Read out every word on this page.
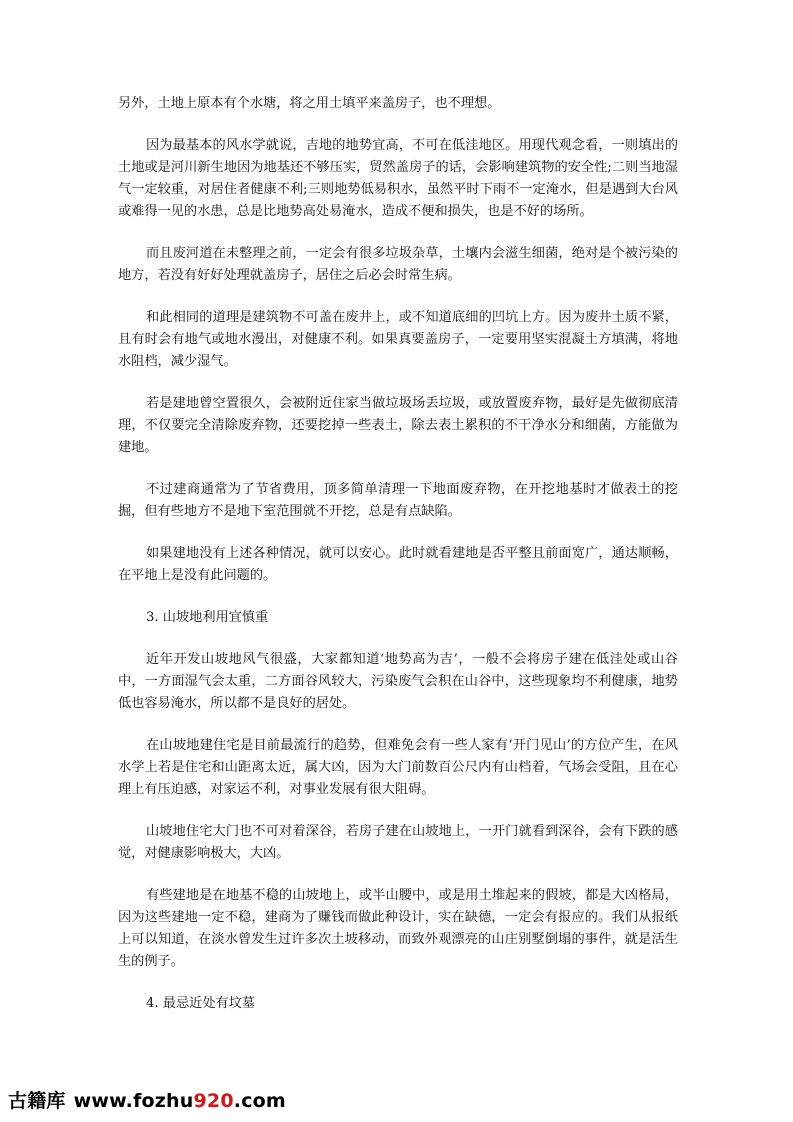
另外，土地上原本有个水塘，将之用土填平来盖房子，也不理想。

因为最基本的风水学就说，吉地的地势宜高，不可在低洼地区。用现代观念看，一则填出的土地或是河川新生地因为地基还不够压实，贸然盖房子的话，会影响建筑物的安全性;二则当地湿气一定较重，对居住者健康不利;三则地势低易积水，虽然平时下雨不一定淹水，但是遇到大台风或难得一见的水患，总是比地势高处易淹水，造成不便和损失，也是不好的场所。

而且废河道在未整理之前，一定会有很多垃圾杂草，土壤内会滋生细菌，绝对是个被污染的地方，若没有好好处理就盖房子，居住之后必会时常生病。

和此相同的道理是建筑物不可盖在废井上，或不知道底细的凹坑上方。因为废井土质不紧，且有时会有地气或地水漫出，对健康不利。如果真要盖房子，一定要用坚实混凝土方填满，将地水阻档，减少湿气。

若是建地曾空置很久，会被附近住家当做垃圾场丢垃圾，或放置废弃物，最好是先做彻底清理，不仅要完全清除废弃物，还要挖掉一些表土，除去表土累积的不干净水分和细菌，方能做为建地。

不过建商通常为了节省费用，顶多简单清理一下地面废弃物，在开挖地基时才做表土的挖掘，但有些地方不是地下室范围就不开挖，总是有点缺陷。

如果建地没有上述各种情况，就可以安心。此时就看建地是否平整且前面宽广，通达顺畅，在平地上是没有此问题的。

3. 山坡地利用宜慎重

近年开发山坡地风气很盛，大家都知道‘地势高为吉’，一般不会将房子建在低洼处或山谷中，一方面湿气会太重，二方面谷风较大，污染废气会积在山谷中，这些现象均不利健康，地势低也容易淹水，所以都不是良好的居处。

在山坡地建住宅是目前最流行的趋势，但难免会有一些人家有‘开门见山’的方位产生，在风水学上若是住宅和山距离太近，属大凶，因为大门前数百公尺内有山档着，气场会受阻，且在心理上有压迫感，对家运不利，对事业发展有很大阻碍。

山坡地住宅大门也不可对着深谷，若房子建在山坡地上，一开门就看到深谷，会有下跌的感觉，对健康影响极大，大凶。

有些建地是在地基不稳的山坡地上，或半山腰中，或是用土堆起来的假坡，都是大凶格局，因为这些建地一定不稳，建商为了赚钱而做此种设计，实在缺德，一定会有报应的。我们从报纸上可以知道，在淡水曾发生过许多次土坡移动，而致外观漂亮的山庄别墅倒塌的事件，就是活生生的例子。

4. 最忌近处有坟墓

古籍库 www.fozhu920.com
